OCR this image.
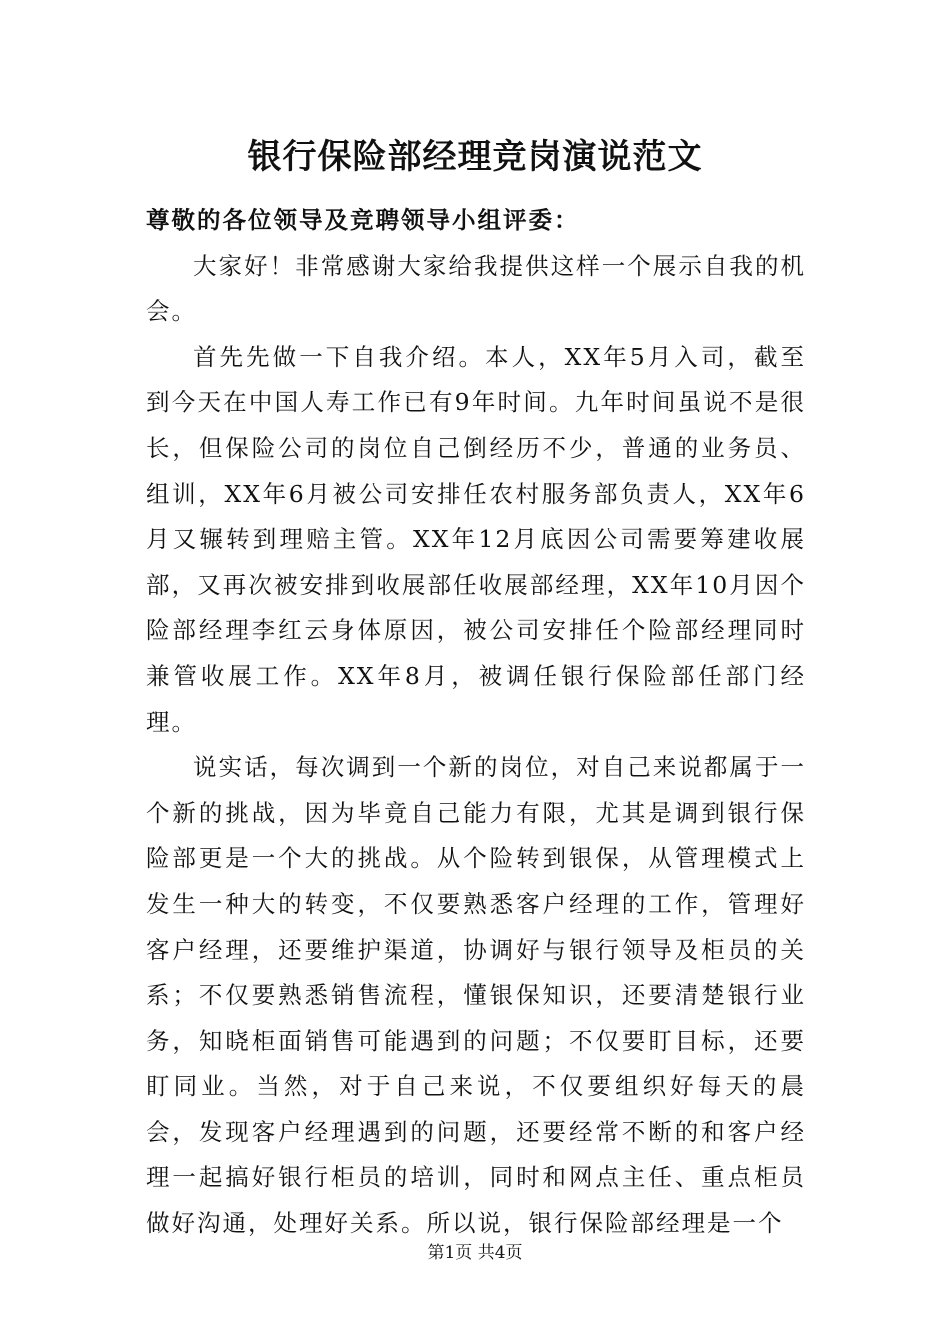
银行保险部经理竞岗演说范文

尊敬的各位领导及竞聘领导小组评委：

大家好！非常感谢大家给我提供这样一个展示自我的机会。

首先先做一下自我介绍。本人，XX年5月入司，截至到今天在中国人寿工作已有9年时间。九年时间虽说不是很长，但保险公司的岗位自己倒经历不少，普通的业务员、组训，XX年6月被公司安排任农村服务部负责人，XX年6月又辗转到理赔主管。XX年12月底因公司需要筹建收展部，又再次被安排到收展部任收展部经理，XX年10月因个险部经理李红云身体原因，被公司安排任个险部经理同时兼管收展工作。XX年8月，被调任银行保险部任部门经理。

说实话，每次调到一个新的岗位，对自己来说都属于一个新的挑战，因为毕竟自己能力有限，尤其是调到银行保险部更是一个大的挑战。从个险转到银保，从管理模式上发生一种大的转变，不仅要熟悉客户经理的工作，管理好客户经理，还要维护渠道，协调好与银行领导及柜员的关系；不仅要熟悉销售流程，懂银保知识，还要清楚银行业务，知晓柜面销售可能遇到的问题；不仅要盯目标，还要盯同业。当然，对于自己来说，不仅要组织好每天的晨会，发现客户经理遇到的问题，还要经常不断的和客户经理一起搞好银行柜员的培训，同时和网点主任、重点柜员做好沟通，处理好关系。所以说，银行保险部经理是一个

第1页 共4页
